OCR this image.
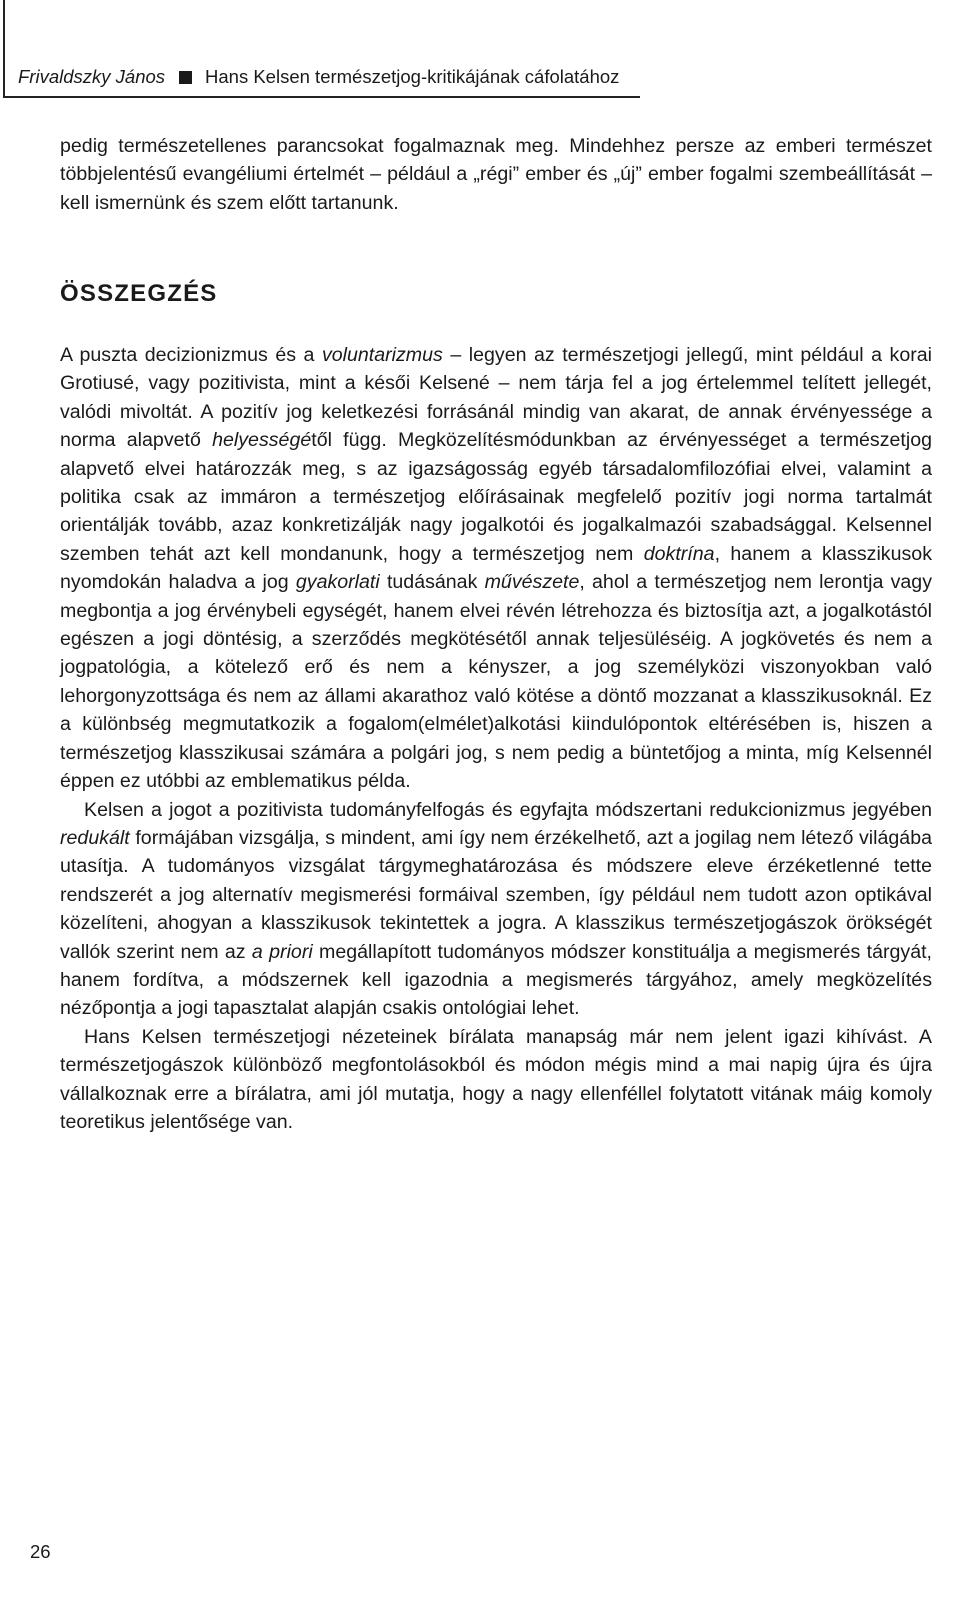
Frivaldszky János Hans Kelsen természetjog-kritikájának cáfolatához

pedig természetellenes parancsokat fogalmaznak meg. Mindehhez persze az emberi természet többjelentésű evangéliumi értelmét – például a „régi” ember és „új” ember fogalmi szembeállítását – kell ismernünk és szem előtt tartanunk.

ÖSSZEGZÉS

A puszta decizionizmus és a voluntarizmus – legyen az természetjogi jellegű, mint például a korai Grotiusé, vagy pozitivista, mint a késői Kelsené – nem tárja fel a jog értelemmel telített jellegét, valódi mivoltát. A pozitív jog keletkezési forrásánál mindig van akarat, de annak érvényessége a norma alapvető helyességétől függ. Megközelítésmódunkban az érvényességet a természetjog alapvető elvei határozzák meg, s az igazságosság egyéb társadalomfilozófiai elvei, valamint a politika csak az immáron a természetjog előírásainak megfelelő pozitív jogi norma tartalmát orientálják tovább, azaz konkretizálják nagy jogalkotói és jogalkalmazói szabadsággal. Kelsennel szemben tehát azt kell mondanunk, hogy a természetjog nem doktrína, hanem a klasszikusok nyomdokán haladva a jog gyakorlati tudásának művészete, ahol a természetjog nem lerontja vagy megbontja a jog érvénybeli egységét, hanem elvei révén létrehozza és biztosítja azt, a jogalkotástól egészen a jogi döntésig, a szerződés megkötésétől annak teljesüléséig. A jogkövetés és nem a jogpatológia, a kötelező erő és nem a kényszer, a jog személyközi viszonyokban való lehorgonyzottsága és nem az állami akarathoz való kötése a döntő mozzanat a klasszikusoknál. Ez a különbség megmutatkozik a fogalom(elmélet)alkotási kiindulópontok eltérésében is, hiszen a természetjog klasszikusai számára a polgári jog, s nem pedig a büntetőjog a minta, míg Kelsennél éppen ez utóbbi az emblematikus példa.

Kelsen a jogot a pozitivista tudományfelfogás és egyfajta módszertani redukcionizmus jegyében redukált formájában vizsgálja, s mindent, ami így nem érzékelhető, azt a jogilag nem létező világába utasítja. A tudományos vizsgálat tárgymeghatározása és módszere eleve érzéketlenné tette rendszerét a jog alternatív megismerési formáival szemben, így például nem tudott azon optikával közelíteni, ahogyan a klasszikusok tekintettek a jogra. A klasszikus természetjogászok örökségét vallók szerint nem az a priori megállapított tudományos módszer konstituálja a megismerés tárgyát, hanem fordítva, a módszernek kell igazodnia a megismerés tárgyához, amely megközelítés nézőpontja a jogi tapasztalat alapján csakis ontológiai lehet.

Hans Kelsen természetjogi nézeteinek bírálata manapság már nem jelent igazi kihívást. A természetjogászok különböző megfontolásokból és módon mégis mind a mai napig újra és újra vállalkoznak erre a bírálatra, ami jól mutatja, hogy a nagy ellenféllel folytatott vitának máig komoly teoretikus jelentősége van.

26
